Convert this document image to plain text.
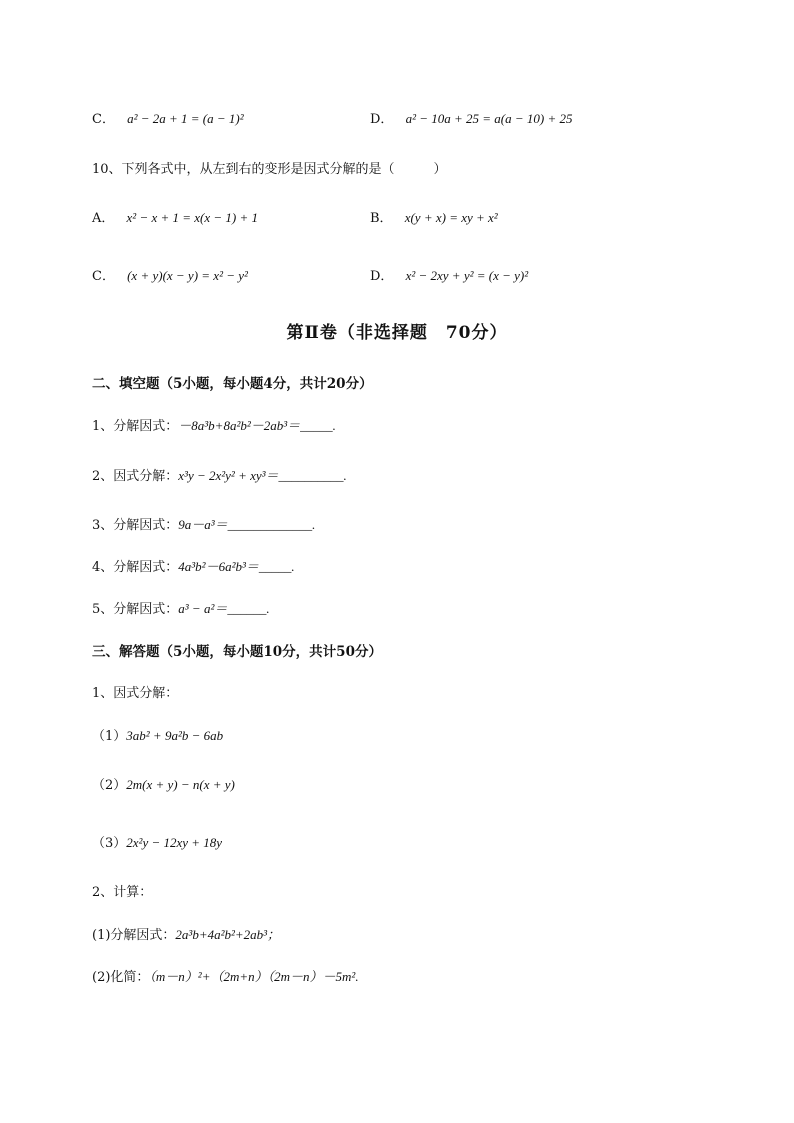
C． a² − 2a + 1 = (a − 1)²	D． a² − 10a + 25 = a(a − 10) + 25
10、下列各式中，从左到右的变形是因式分解的是（　　　）
A． x² − x + 1 = x(x − 1) + 1	B． x(y + x) = xy + x²
C． (x + y)(x − y) = x² − y²	D． x² − 2xy + y² = (x − y)²
第Ⅱ卷（非选择题　70分）
二、填空题（5小题，每小题4分，共计20分）
1、分解因式：－8a³b+8a²b²－2ab³＝_____.
2、因式分解：x³y − 2x²y² + xy³＝__________.
3、分解因式：9a－a³＝_____________.
4、分解因式：4a³b²－6a²b³＝_____.
5、分解因式：a³ − a²＝______.
三、解答题（5小题，每小题10分，共计50分）
1、因式分解：
（1）3ab² + 9a²b − 6ab
（2）2m(x + y) − n(x + y)
（3）2x²y − 12xy + 18y
2、计算：
(1)分解因式：2a³b+4a²b²+2ab³；
(2)化简：（m－n）²+（2m+n）（2m－n）－5m².
